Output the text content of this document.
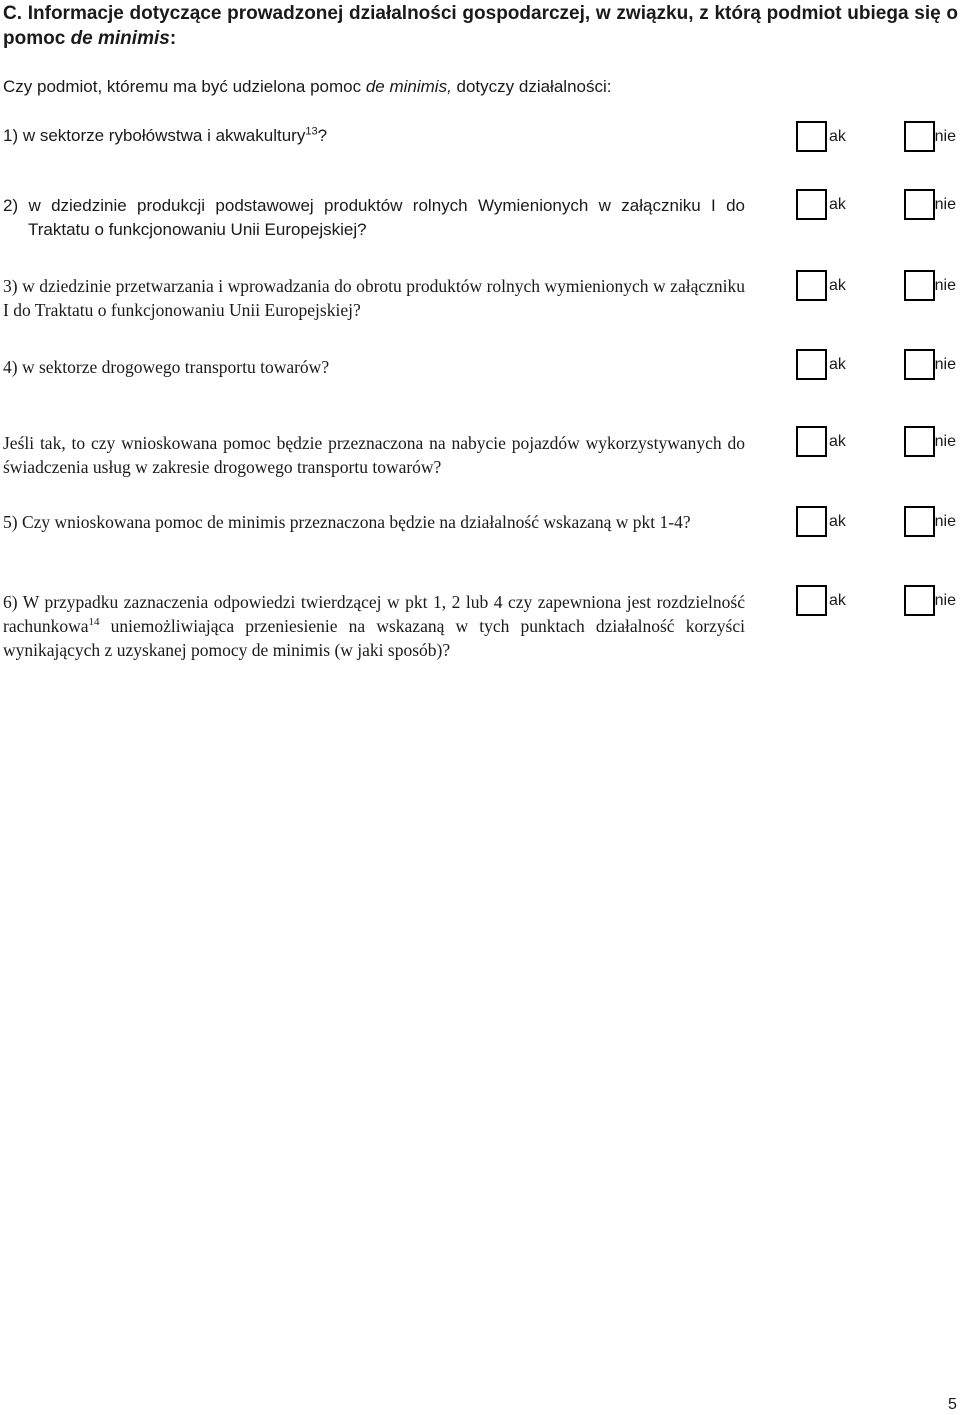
C. Informacje dotyczące prowadzonej działalności gospodarczej, w związku, z którą podmiot ubiega się o pomoc de minimis:
Czy podmiot, któremu ma być udzielona pomoc de minimis, dotyczy działalności:
1) w sektorze rybołówstwa i akwakultury$^{13}$?	ak	nie
2) w dziedzinie produkcji podstawowej produktów rolnych Wymienionych w załączniku I do Traktatu o funkcjonowaniu Unii Europejskiej?
ak	nie
3) w dziedzinie przetwarzania i wprowadzania do obrotu produktów rolnych wymienionych w załączniku I do Traktatu o funkcjonowaniu Unii Europejskiej?
ak	nie
4) w sektorze drogowego transportu towarów?	ak	nie
Jeśli tak, to czy wnioskowana pomoc będzie przeznaczona na nabycie pojazdów wykorzystywanych do świadczenia usług w zakresie drogowego transportu towarów?
ak	nie
5) Czy wnioskowana pomoc de minimis przeznaczona będzie na działalność wskazaną w pkt 1-4?	ak	nie
6) W przypadku zaznaczenia odpowiedzi twierdzącej w pkt 1, 2 lub 4 czy zapewniona jest rozdzielność rachunkowa$^{14}$ uniemożliwiająca przeniesienie na wskazaną w tych punktach działalność korzyści wynikających z uzyskanej pomocy de minimis (w jaki sposób)?
ak	nie
5
